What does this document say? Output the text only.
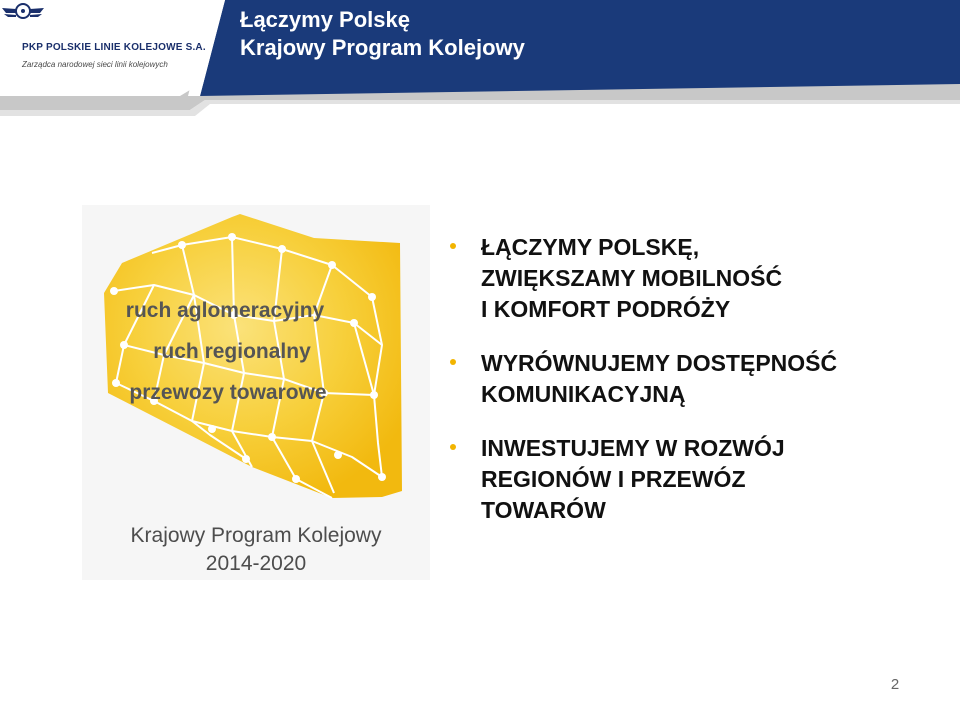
PKP POLSKIE LINIE KOLEJOWE S.A.
Zarządca narodowej sieci linii kolejowych
Łączymy Polskę
Krajowy Program Kolejowy
ruch aglomeracyjny
ruch regionalny
przewozy towarowe
Krajowy Program Kolejowy
2014-2020
ŁĄCZYMY POLSKĘ,
ZWIĘKSZAMY MOBILNOŚĆ
I KOMFORT PODRÓŻY
WYRÓWNUJEMY DOSTĘPNOŚĆ
KOMUNIKACYJNĄ
INWESTUJEMY W ROZWÓJ
REGIONÓW I PRZEWÓZ
TOWARÓW
2
